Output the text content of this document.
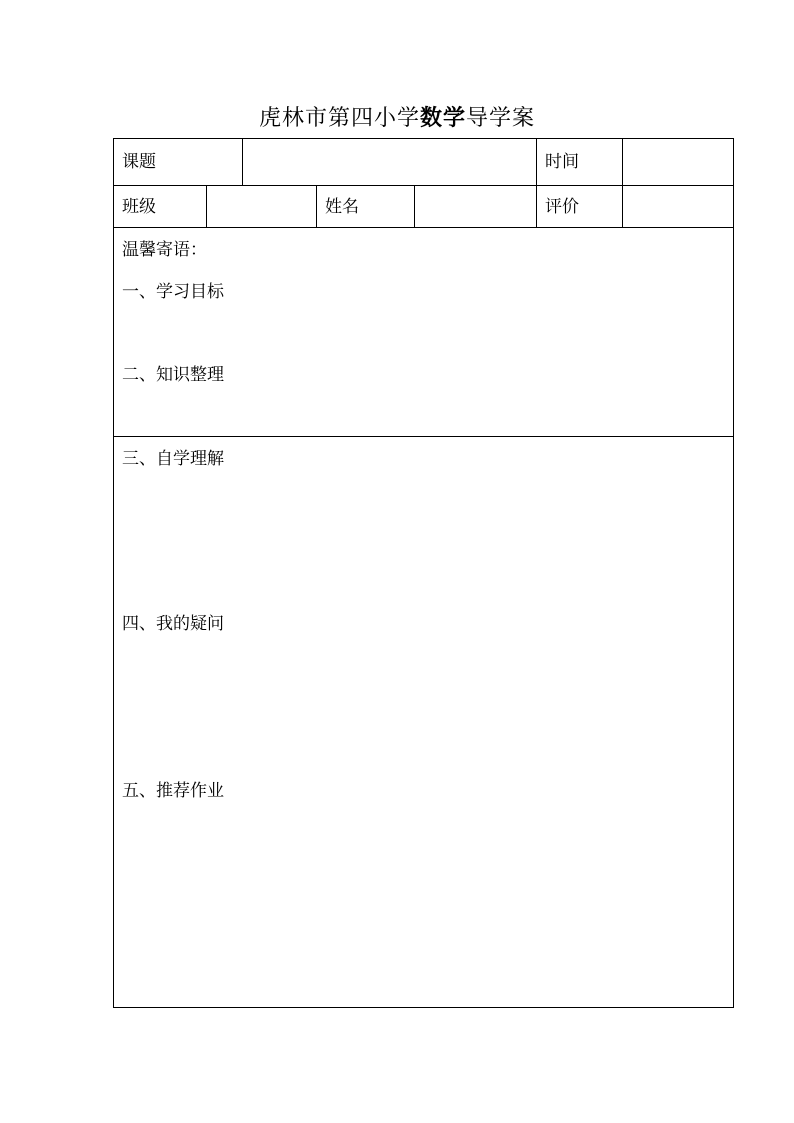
虎林市第四小学数学导学案
课题	时间
班级	姓名	评价
温馨寄语：
一、学习目标
二、知识整理
三、自学理解
四、我的疑问
五、推荐作业
